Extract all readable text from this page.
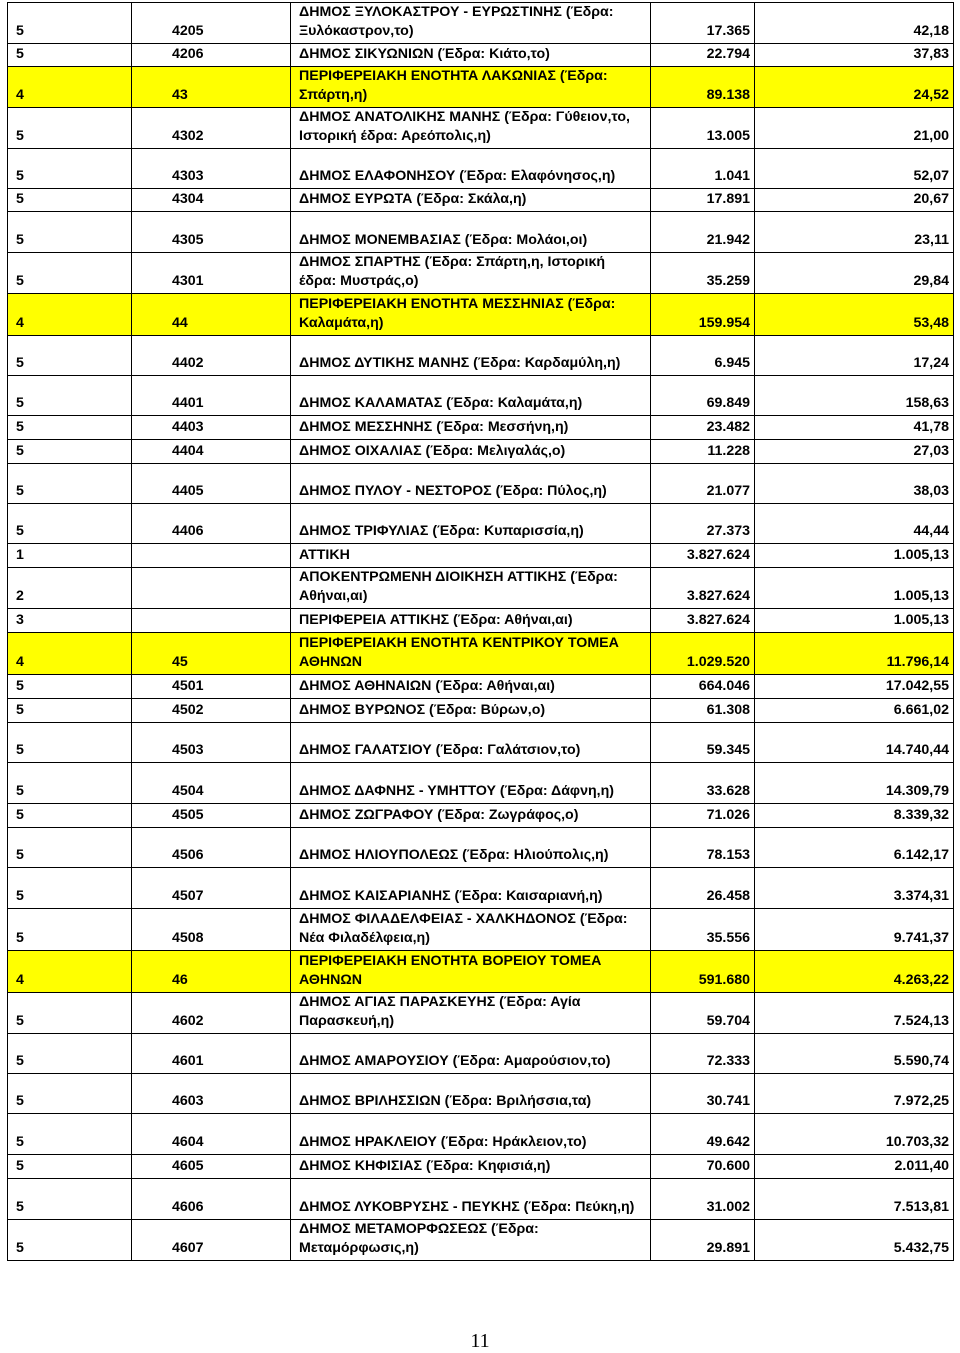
5	4205	ΔΗΜΟΣ ΞΥΛΟΚΑΣΤΡΟΥ - ΕΥΡΩΣΤΙΝΗΣ (Έδρα: Ξυλόκαστρον,το)	17.365	42,18
5	4206	ΔΗΜΟΣ ΣΙΚΥΩΝΙΩΝ (Έδρα: Κιάτο,το)	22.794	37,83
4	43	ΠΕΡΙΦΕΡΕΙΑΚΗ ΕΝΟΤΗΤΑ ΛΑΚΩΝΙΑΣ (Έδρα: Σπάρτη,η)	89.138	24,52
5	4302	ΔΗΜΟΣ ΑΝΑΤΟΛΙΚΗΣ ΜΑΝΗΣ (Έδρα: Γύθειον,το, Ιστορική έδρα: Αρεόπολις,η)	13.005	21,00
5	4303	ΔΗΜΟΣ ΕΛΑΦΟΝΗΣΟΥ (Έδρα: Ελαφόνησος,η)	1.041	52,07
5	4304	ΔΗΜΟΣ ΕΥΡΩΤΑ (Έδρα: Σκάλα,η)	17.891	20,67
5	4305	ΔΗΜΟΣ ΜΟΝΕΜΒΑΣΙΑΣ (Έδρα: Μολάοι,οι)	21.942	23,11
5	4301	ΔΗΜΟΣ ΣΠΑΡΤΗΣ (Έδρα: Σπάρτη,η, Ιστορική έδρα: Μυστράς,ο)	35.259	29,84
4	44	ΠΕΡΙΦΕΡΕΙΑΚΗ ΕΝΟΤΗΤΑ ΜΕΣΣΗΝΙΑΣ (Έδρα: Καλαμάτα,η)	159.954	53,48
5	4402	ΔΗΜΟΣ ΔΥΤΙΚΗΣ ΜΑΝΗΣ (Έδρα: Καρδαμύλη,η)	6.945	17,24
5	4401	ΔΗΜΟΣ ΚΑΛΑΜΑΤΑΣ (Έδρα: Καλαμάτα,η)	69.849	158,63
5	4403	ΔΗΜΟΣ ΜΕΣΣΗΝΗΣ (Έδρα: Μεσσήνη,η)	23.482	41,78
5	4404	ΔΗΜΟΣ ΟΙΧΑΛΙΑΣ (Έδρα: Μελιγαλάς,ο)	11.228	27,03
5	4405	ΔΗΜΟΣ ΠΥΛΟΥ - ΝΕΣΤΟΡΟΣ (Έδρα: Πύλος,η)	21.077	38,03
5	4406	ΔΗΜΟΣ ΤΡΙΦΥΛΙΑΣ (Έδρα: Κυπαρισσία,η)	27.373	44,44
1		ΑΤΤΙΚΗ	3.827.624	1.005,13
2		ΑΠΟΚΕΝΤΡΩΜΕΝΗ ΔΙΟΙΚΗΣΗ ΑΤΤΙΚΗΣ (Έδρα: Αθήναι,αι)	3.827.624	1.005,13
3		ΠΕΡΙΦΕΡΕΙΑ ΑΤΤΙΚΗΣ (Έδρα: Αθήναι,αι)	3.827.624	1.005,13
4	45	ΠΕΡΙΦΕΡΕΙΑΚΗ ΕΝΟΤΗΤΑ ΚΕΝΤΡΙΚΟΥ ΤΟΜΕΑ ΑΘΗΝΩΝ	1.029.520	11.796,14
5	4501	ΔΗΜΟΣ ΑΘΗΝΑΙΩΝ (Έδρα: Αθήναι,αι)	664.046	17.042,55
5	4502	ΔΗΜΟΣ ΒΥΡΩΝΟΣ (Έδρα: Βύρων,ο)	61.308	6.661,02
5	4503	ΔΗΜΟΣ ΓΑΛΑΤΣΙΟΥ (Έδρα: Γαλάτσιον,το)	59.345	14.740,44
5	4504	ΔΗΜΟΣ ΔΑΦΝΗΣ - ΥΜΗΤΤΟΥ (Έδρα: Δάφνη,η)	33.628	14.309,79
5	4505	ΔΗΜΟΣ ΖΩΓΡΑΦΟΥ (Έδρα: Ζωγράφος,ο)	71.026	8.339,32
5	4506	ΔΗΜΟΣ ΗΛΙΟΥΠΟΛΕΩΣ (Έδρα: Ηλιούπολις,η)	78.153	6.142,17
5	4507	ΔΗΜΟΣ ΚΑΙΣΑΡΙΑΝΗΣ (Έδρα: Καισαριανή,η)	26.458	3.374,31
5	4508	ΔΗΜΟΣ ΦΙΛΑΔΕΛΦΕΙΑΣ - ΧΑΛΚΗΔΟΝΟΣ (Έδρα: Νέα Φιλαδέλφεια,η)	35.556	9.741,37
4	46	ΠΕΡΙΦΕΡΕΙΑΚΗ ΕΝΟΤΗΤΑ ΒΟΡΕΙΟΥ ΤΟΜΕΑ ΑΘΗΝΩΝ	591.680	4.263,22
5	4602	ΔΗΜΟΣ ΑΓΙΑΣ ΠΑΡΑΣΚΕΥΗΣ (Έδρα: Αγία Παρασκευή,η)	59.704	7.524,13
5	4601	ΔΗΜΟΣ ΑΜΑΡΟΥΣΙΟΥ (Έδρα: Αμαρούσιον,το)	72.333	5.590,74
5	4603	ΔΗΜΟΣ ΒΡΙΛΗΣΣΙΩΝ (Έδρα: Βριλήσσια,τα)	30.741	7.972,25
5	4604	ΔΗΜΟΣ ΗΡΑΚΛΕΙΟΥ (Έδρα: Ηράκλειον,το)	49.642	10.703,32
5	4605	ΔΗΜΟΣ ΚΗΦΙΣΙΑΣ (Έδρα: Κηφισιά,η)	70.600	2.011,40
5	4606	ΔΗΜΟΣ ΛΥΚΟΒΡΥΣΗΣ - ΠΕΥΚΗΣ (Έδρα: Πεύκη,η)	31.002	7.513,81
5	4607	ΔΗΜΟΣ ΜΕΤΑΜΟΡΦΩΣΕΩΣ (Έδρα: Μεταμόρφωσις,η)	29.891	5.432,75
11
